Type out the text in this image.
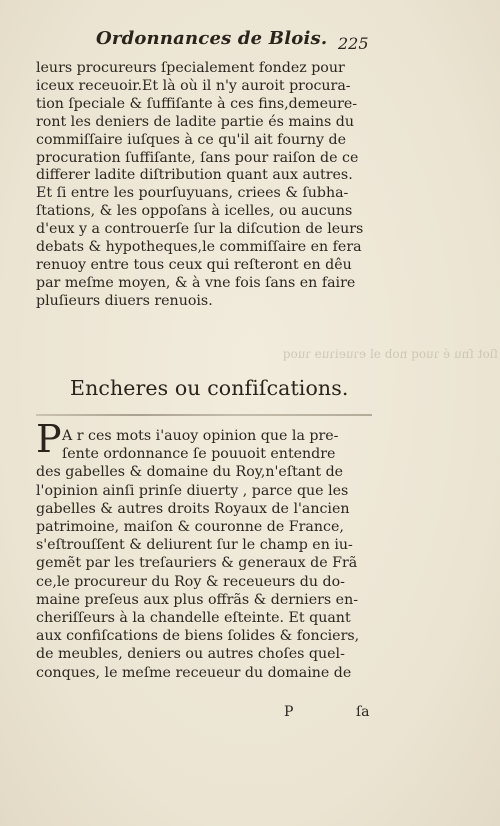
Ordonnances de Blois. 225
leurs procureurs ſpecialement fondez pour
iceux receuoir.Et là où il n'y auroit procura-
tion ſpeciale & ſuffiſante à ces fins,demeure-
ront les deniers de ladite partie és mains du
commiſſaire iuſques à ce qu'il ait fourny de
procuration ſuffiſante, ſans pour raiſon de ce
differer ladite diſtribution quant aux autres.
Et ſi entre les pourſuyuans, criees & ſubha-
ſtations, & les oppoſans à icelles, ou aucuns
d'eux y a controuerſe ſur la diſcution de leurs
debats & hypotheques,le commiſſaire en fera
renuoy entre tous ceux qui reſteront en dêu
par meſme moyen, & à vne fois ſans en faire
pluſieurs diuers renuois.
ſiot ſnu é ɿuoq nob ɘl eɿueiɿuɘ ɿuoq
Encheres ou confiſcations.
P A r ces mots i'auoy opinion que la pre-
ſente ordonnance ſe pouuoit entendre
des gabelles & domaine du Roy,n'eſtant de
l'opinion ainſi prinſe diuerty , parce que les
gabelles & autres droits Royaux de l'ancien
patrimoine, maiſon & couronne de France,
s'eſtrouſſent & deliurent ſur le champ en iu-
gemẽt par les treſauriers & generaux de Frã
ce,le procureur du Roy & receueurs du do-
maine preſeus aux plus offrãs & derniers en-
cheriſſeurs à la chandelle eſteinte. Et quant
aux confiſcations de biens ſolides & fonciers,
de meubles, deniers ou autres choſes quel-
conques, le meſme receueur du domaine de
P	ſa
